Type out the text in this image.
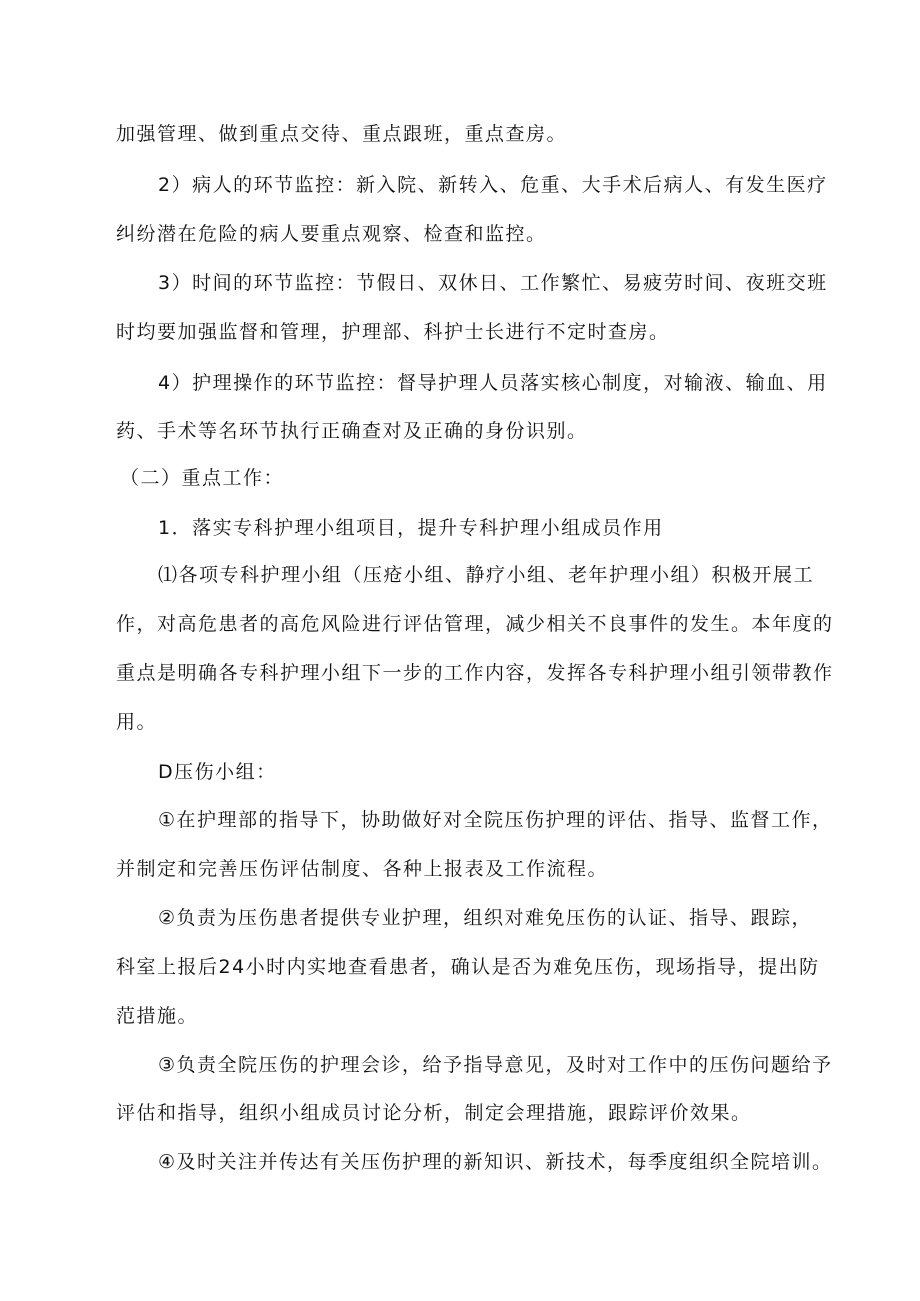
加强管理、做到重点交待、重点跟班，重点查房。
2）病人的环节监控：新入院、新转入、危重、大手术后病人、有发生医疗
纠纷潜在危险的病人要重点观察、检查和监控。
3）时间的环节监控：节假日、双休日、工作繁忙、易疲劳时间、夜班交班
时均要加强监督和管理，护理部、科护士长进行不定时查房。
4）护理操作的环节监控：督导护理人员落实核心制度，对输液、输血、用
药、手术等名环节执行正确查对及正确的身份识别。
（二）重点工作：
1．落实专科护理小组项目，提升专科护理小组成员作用
⑴各项专科护理小组（压疮小组、静疗小组、老年护理小组）积极开展工
作，对高危患者的高危风险进行评估管理，减少相关不良事件的发生。本年度的
重点是明确各专科护理小组下一步的工作内容，发挥各专科护理小组引领带教作
用。
D压伤小组：
①在护理部的指导下，协助做好对全院压伤护理的评估、指导、监督工作，
并制定和完善压伤评估制度、各种上报表及工作流程。
②负责为压伤患者提供专业护理，组织对难免压伤的认证、指导、跟踪，
科室上报后24小时内实地查看患者，确认是否为难免压伤，现场指导，提出防
范措施。
③负责全院压伤的护理会诊，给予指导意见，及时对工作中的压伤问题给予
评估和指导，组织小组成员讨论分析，制定会理措施，跟踪评价效果。
④及时关注并传达有关压伤护理的新知识、新技术，每季度组织全院培训。
